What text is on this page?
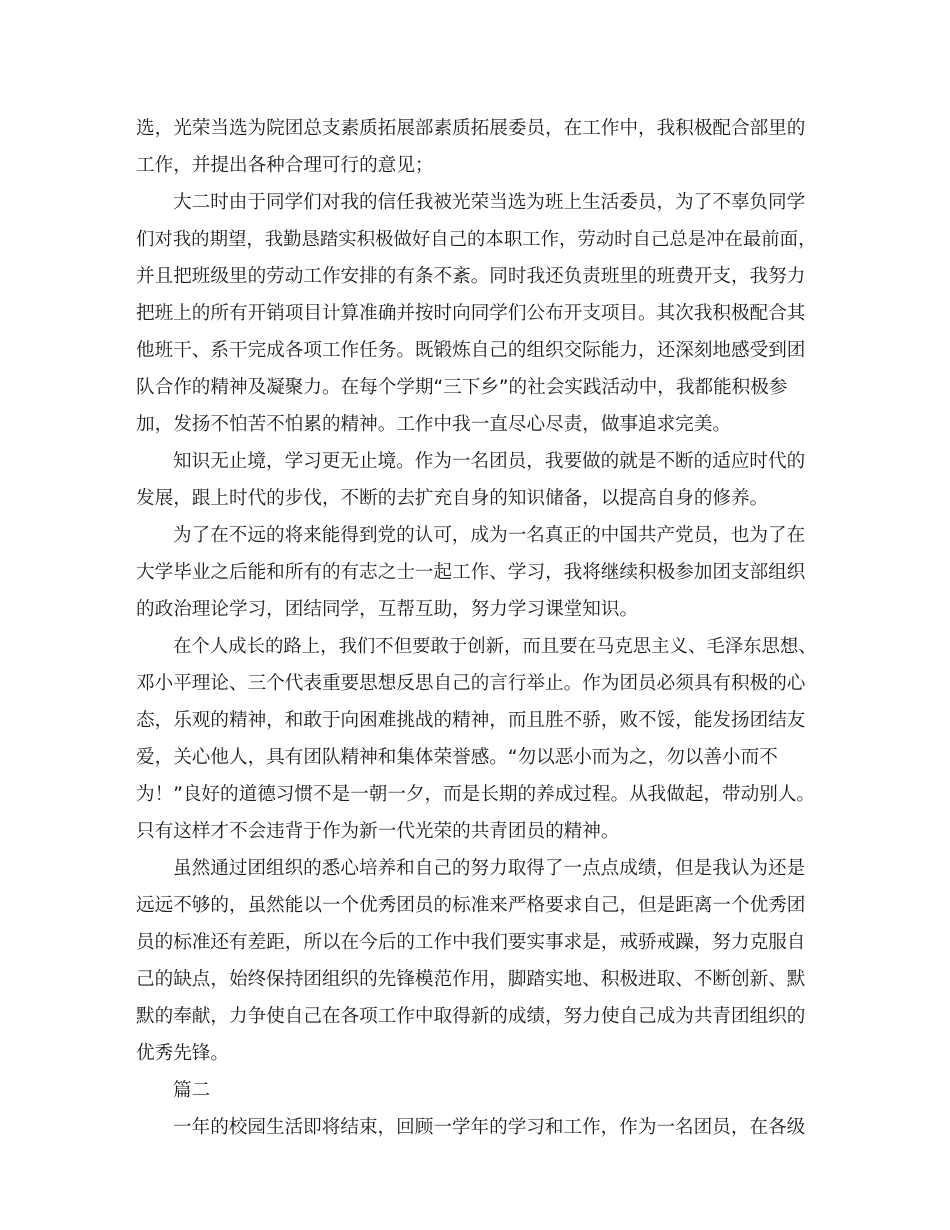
选，光荣当选为院团总支素质拓展部素质拓展委员，在工作中，我积极配合部里的
工作，并提出各种合理可行的意见；
大二时由于同学们对我的信任我被光荣当选为班上生活委员，为了不辜负同学
们对我的期望，我勤恳踏实积极做好自己的本职工作，劳动时自己总是冲在最前面，
并且把班级里的劳动工作安排的有条不紊。同时我还负责班里的班费开支，我努力
把班上的所有开销项目计算准确并按时向同学们公布开支项目。其次我积极配合其
他班干、系干完成各项工作任务。既锻炼自己的组织交际能力，还深刻地感受到团
队合作的精神及凝聚力。在每个学期“三下乡”的社会实践活动中，我都能积极参
加，发扬不怕苦不怕累的精神。工作中我一直尽心尽责，做事追求完美。
知识无止境，学习更无止境。作为一名团员，我要做的就是不断的适应时代的
发展，跟上时代的步伐，不断的去扩充自身的知识储备，以提高自身的修养。
为了在不远的将来能得到党的认可，成为一名真正的中国共产党员，也为了在
大学毕业之后能和所有的有志之士一起工作、学习，我将继续积极参加团支部组织
的政治理论学习，团结同学，互帮互助，努力学习课堂知识。
在个人成长的路上，我们不但要敢于创新，而且要在马克思主义、毛泽东思想、
邓小平理论、三个代表重要思想反思自己的言行举止。作为团员必须具有积极的心
态，乐观的精神，和敢于向困难挑战的精神，而且胜不骄，败不馁，能发扬团结友
爱，关心他人，具有团队精神和集体荣誉感。“勿以恶小而为之，勿以善小而不
为！”良好的道德习惯不是一朝一夕，而是长期的养成过程。从我做起，带动别人。
只有这样才不会违背于作为新一代光荣的共青团员的精神。
虽然通过团组织的悉心培养和自己的努力取得了一点点成绩，但是我认为还是
远远不够的，虽然能以一个优秀团员的标准来严格要求自己，但是距离一个优秀团
员的标准还有差距，所以在今后的工作中我们要实事求是，戒骄戒躁，努力克服自
己的缺点，始终保持团组织的先锋模范作用，脚踏实地、积极进取、不断创新、默
默的奉献，力争使自己在各项工作中取得新的成绩，努力使自己成为共青团组织的
优秀先锋。
篇二
一年的校园生活即将结束，回顾一学年的学习和工作，作为一名团员，在各级
